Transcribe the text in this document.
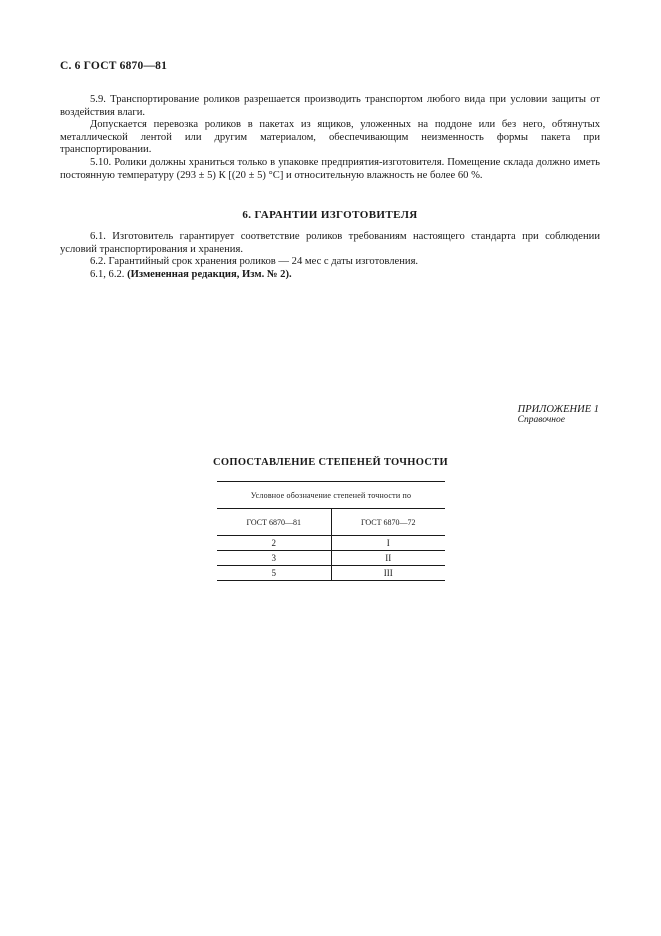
С. 6 ГОСТ 6870—81

5.9. Транспортирование роликов разрешается производить транспортом любого вида при условии защиты от воздействия влаги.

Допускается перевозка роликов в пакетах из ящиков, уложенных на поддоне или без него, обтянутых металлической лентой или другим материалом, обеспечивающим неизменность формы пакета при транспортировании.

5.10. Ролики должны храниться только в упаковке предприятия-изготовителя. Помещение склада должно иметь постоянную температуру (293 ± 5) К [(20 ± 5) °С] и относительную влажность не более 60 %.

6. ГАРАНТИИ ИЗГОТОВИТЕЛЯ

6.1. Изготовитель гарантирует соответствие роликов требованиям настоящего стандарта при соблюдении условий транспортирования и хранения.

6.2. Гарантийный срок хранения роликов — 24 мес с даты изготовления.

6.1, 6.2. (Измененная редакция, Изм. № 2).

ПРИЛОЖЕНИЕ 1
Справочное
СОПОСТАВЛЕНИЕ СТЕПЕНЕЙ ТОЧНОСТИ
Условное обозначение степеней точности по	
ГОСТ 6870—81	ГОСТ 6870—72
2	I
3	II
5	III
